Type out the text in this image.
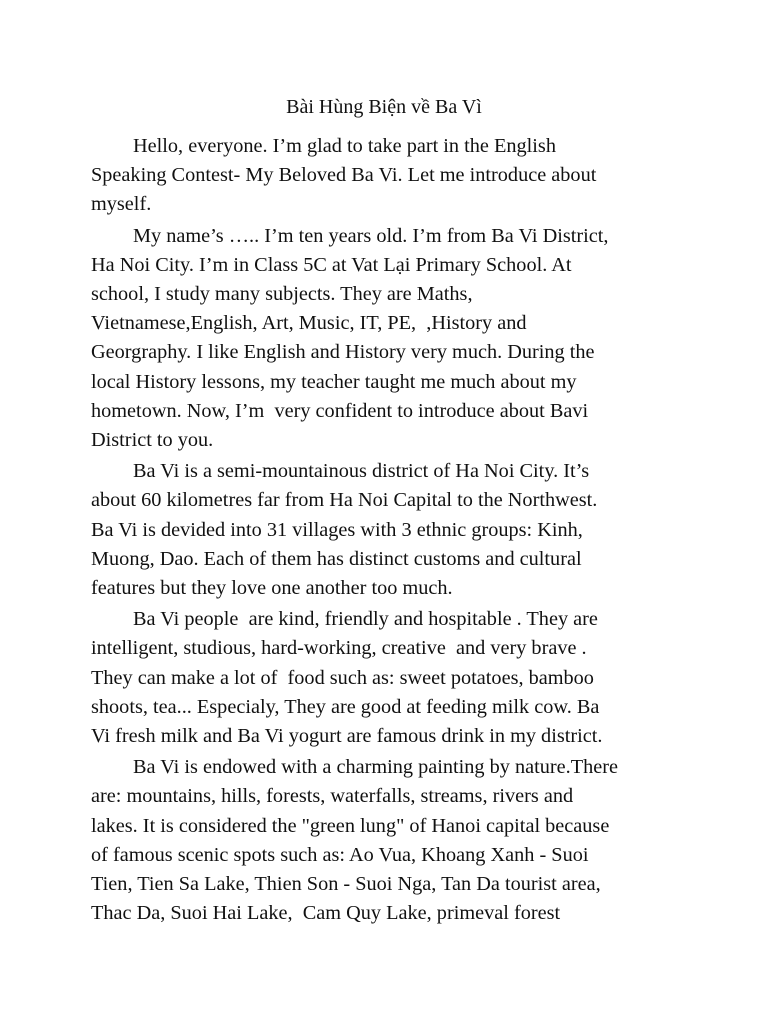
Bài Hùng Biện về Ba Vì

Hello, everyone. I’m glad to take part in the English
Speaking Contest- My Beloved Ba Vi. Let me introduce about
myself.

My name’s ….. I’m ten years old. I’m from Ba Vi District,
Ha Noi City. I’m in Class 5C at Vat Lại Primary School. At
school, I study many subjects. They are Maths,
Vietnamese,English, Art, Music, IT, PE,  ,History and
Georgraphy. I like English and History very much. During the
local History lessons, my teacher taught me much about my
hometown. Now, I’m  very confident to introduce about Bavi
District to you.

Ba Vi is a semi-mountainous district of Ha Noi City. It’s
about 60 kilometres far from Ha Noi Capital to the Northwest.
Ba Vi is devided into 31 villages with 3 ethnic groups: Kinh,
Muong, Dao. Each of them has distinct customs and cultural
features but they love one another too much.

Ba Vi people  are kind, friendly and hospitable . They are
intelligent, studious, hard-working, creative  and very brave .
They can make a lot of  food such as: sweet potatoes, bamboo
shoots, tea... Especialy, They are good at feeding milk cow. Ba
Vi fresh milk and Ba Vi yogurt are famous drink in my district.

Ba Vi is endowed with a charming painting by nature.There
are: mountains, hills, forests, waterfalls, streams, rivers and
lakes. It is considered the "green lung" of Hanoi capital because
of famous scenic spots such as: Ao Vua, Khoang Xanh - Suoi
Tien, Tien Sa Lake, Thien Son - Suoi Nga, Tan Da tourist area,
Thac Da, Suoi Hai Lake,  Cam Quy Lake, primeval forest
